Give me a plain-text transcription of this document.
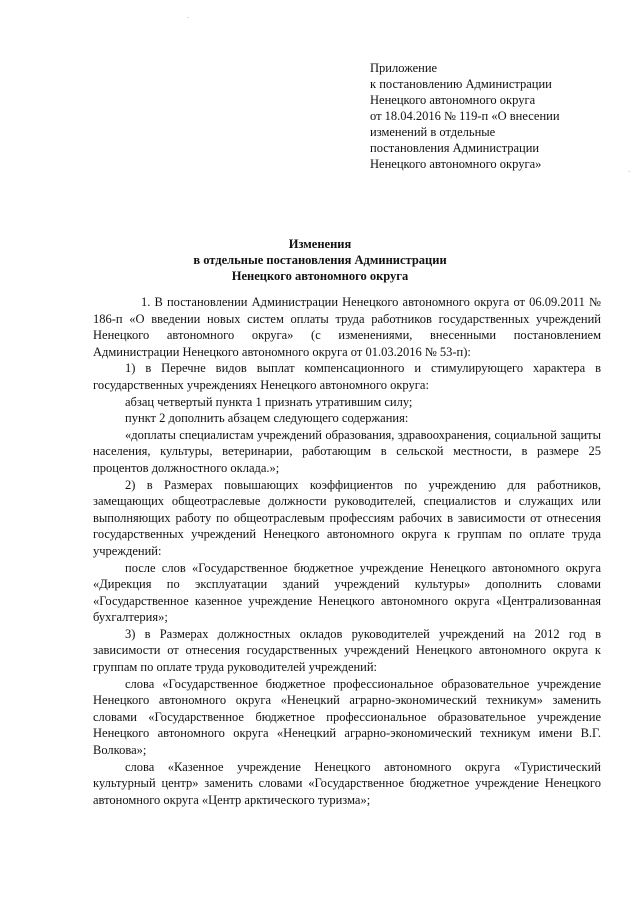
Приложение
к постановлению Администрации
Ненецкого автономного округа
от 18.04.2016 № 119-п «О внесении
изменений в отдельные
постановления Администрации
Ненецкого автономного округа»
Изменения
в отдельные постановления Администрации
Ненецкого автономного округа

1. В постановлении Администрации Ненецкого автономного округа от 06.09.2011 № 186-п «О введении новых систем оплаты труда работников государственных учреждений Ненецкого автономного округа» (с изменениями, внесенными постановлением Администрации Ненецкого автономного округа от 01.03.2016 № 53-п):

1) в Перечне видов выплат компенсационного и стимулирующего характера в государственных учреждениях Ненецкого автономного округа:

абзац четвертый пункта 1 признать утратившим силу;

пункт 2 дополнить абзацем следующего содержания:

«доплаты специалистам учреждений образования, здравоохранения, социальной защиты населения, культуры, ветеринарии, работающим в сельской местности, в размере 25 процентов должностного оклада.»;

2) в Размерах повышающих коэффициентов по учреждению для работников, замещающих общеотраслевые должности руководителей, специалистов и служащих или выполняющих работу по общеотраслевым профессиям рабочих в зависимости от отнесения государственных учреждений Ненецкого автономного округа к группам по оплате труда учреждений:

после слов «Государственное бюджетное учреждение Ненецкого автономного округа «Дирекция по эксплуатации зданий учреждений культуры» дополнить словами «Государственное казенное учреждение Ненецкого автономного округа «Централизованная бухгалтерия»;

3) в Размерах должностных окладов руководителей учреждений на 2012 год в зависимости от отнесения государственных учреждений Ненецкого автономного округа к группам по оплате труда руководителей учреждений:

слова «Государственное бюджетное профессиональное образовательное учреждение Ненецкого автономного округа «Ненецкий аграрно-экономический техникум» заменить словами «Государственное бюджетное профессиональное образовательное учреждение Ненецкого автономного округа «Ненецкий аграрно-экономический техникум имени В.Г. Волкова»;

слова «Казенное учреждение Ненецкого автономного округа «Туристический культурный центр» заменить словами «Государственное бюджетное учреждение Ненецкого автономного округа «Центр арктического туризма»;

·
·
